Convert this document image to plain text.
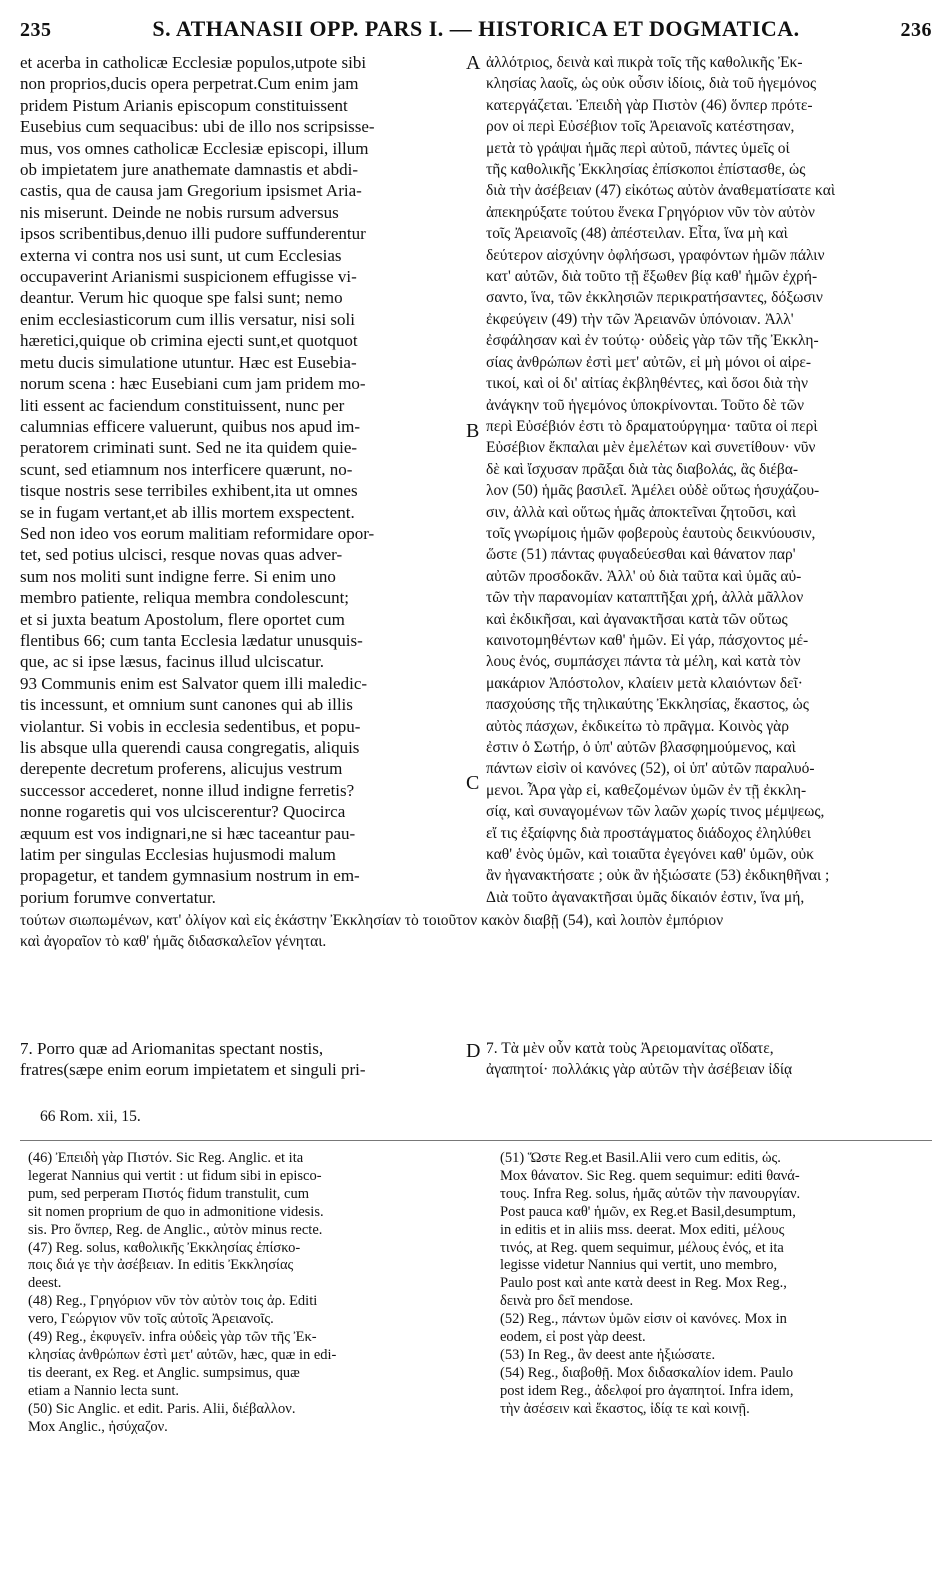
235	S. ATHANASII OPP. PARS I. — HISTORICA ET DOGMATICA.	236
et acerba in catholicæ Ecclesiæ populos,utpote sibi
non proprios,ducis opera perpetrat.Cum enim jam
pridem Pistum Arianis episcopum constituissent
Eusebius cum sequacibus: ubi de illo nos scripsisse-
mus, vos omnes catholicæ Ecclesiæ episcopi, illum
ob impietatem jure anathemate damnastis et abdi-
castis, qua de causa jam Gregorium ipsismet Aria-
nis miserunt. Deinde ne nobis rursum adversus
ipsos scribentibus,denuo illi pudore suffunderentur
externa vi contra nos usi sunt, ut cum Ecclesias
occupaverint Arianismi suspicionem effugisse vi-
deantur. Verum hic quoque spe falsi sunt; nemo
enim ecclesiasticorum cum illis versatur, nisi soli
hæretici,quique ob crimina ejecti sunt,et quotquot
metu ducis simulatione utuntur. Hæc est Eusebia-
norum scena : hæc Eusebiani cum jam pridem mo-
liti essent ac faciendum constituissent, nunc per
calumnias efficere valuerunt, quibus nos apud im-
peratorem criminati sunt. Sed ne ita quidem quie-
scunt, sed etiamnum nos interficere quærunt, no-
tisque nostris sese terribiles exhibent,ita ut omnes
se in fugam vertant,et ab illis mortem exspectent.
Sed non ideo vos eorum malitiam reformidare opor-
tet, sed potius ulcisci, resque novas quas adver-
sum nos moliti sunt indigne ferre. Si enim uno
membro patiente, reliqua membra condolescunt;
et si juxta beatum Apostolum, flere oportet cum
flentibus 66; cum tanta Ecclesia lædatur unusquis-
que, ac si ipse læsus, facinus illud ulciscatur.
93 Communis enim est Salvator quem illi maledic-
tis incessunt, et omnium sunt canones qui ab illis
violantur. Si vobis in ecclesia sedentibus, et popu-
lis absque ulla querendi causa congregatis, aliquis
derepente decretum proferens, alicujus vestrum
successor accederet, nonne illud indigne ferretis?
nonne rogaretis qui vos ulciscerentur? Quocirca
æquum est vos indignari,ne si hæc taceantur pau-
latim per singulas Ecclesias hujusmodi malum
propagetur, et tandem gymnasium nostrum in em-
porium forumve convertatur.
ἀλλότριος, δεινὰ καὶ πικρὰ τοῖς τῆς καθολικῆς Ἐκ-
κλησίας λαοῖς, ὡς οὐκ οὖσιν ἰδίοις, διὰ τοῦ ἡγεμόνος
κατεργάζεται. Ἐπειδὴ γὰρ Πιστὸν (46) ὅνπερ πρότε-
ρον οἱ περὶ Εὐσέβιον τοῖς Ἀρειανοῖς κατέστησαν,
μετὰ τὸ γράψαι ἡμᾶς περὶ αὐτοῦ, πάντες ὑμεῖς οἱ
τῆς καθολικῆς Ἐκκλησίας ἐπίσκοποι ἐπίστασθε, ὡς
διὰ τὴν ἀσέβειαν (47) εἰκότως αὐτὸν ἀναθεματίσατε καὶ
ἀπεκηρύξατε τούτου ἕνεκα Γρηγόριον νῦν τὸν αὐτὸν
τοῖς Ἀρειανοῖς (48) ἀπέστειλαν. Εἶτα, ἵνα μὴ καὶ
δεύτερον αἰσχύνην ὀφλήσωσι, γραφόντων ἡμῶν πάλιν
κατ' αὐτῶν, διὰ τοῦτο τῇ ἔξωθεν βίᾳ καθ' ἡμῶν ἐχρή-
σαντο, ἵνα, τῶν ἐκκλησιῶν περικρατήσαντες, δόξωσιν
ἐκφεύγειν (49) τὴν τῶν Ἀρειανῶν ὑπόνοιαν. Ἀλλ'
ἐσφάλησαν καὶ ἐν τούτῳ· οὐδεὶς γὰρ τῶν τῆς Ἐκκλη-
σίας ἀνθρώπων ἐστὶ μετ' αὐτῶν, εἰ μὴ μόνοι οἱ αἱρε-
τικοί, καὶ οἱ δι' αἰτίας ἐκβληθέντες, καὶ ὅσοι διὰ τὴν
ἀνάγκην τοῦ ἡγεμόνος ὑποκρίνονται. Τοῦτο δὲ τῶν
περὶ Εὐσέβιόν ἐστι τὸ δραματούργημα· ταῦτα οἱ περὶ
Εὐσέβιον ἔκπαλαι μὲν ἐμελέτων καὶ συνετίθουν· νῦν
δὲ καὶ ἴσχυσαν πρᾶξαι διὰ τὰς διαβολάς, ἃς διέβα-
λον (50) ἡμᾶς βασιλεῖ. Ἀμέλει οὐδὲ οὕτως ἡσυχάζου-
σιν, ἀλλὰ καὶ οὕτως ἡμᾶς ἀποκτεῖναι ζητοῦσι, καὶ
τοῖς γνωρίμοις ἡμῶν φοβεροὺς ἑαυτοὺς δεικνύουσιν,
ὥστε (51) πάντας φυγαδεύεσθαι καὶ θάνατον παρ'
αὐτῶν προσδοκᾶν. Ἀλλ' οὐ διὰ ταῦτα καὶ ὑμᾶς αὐ-
τῶν τὴν παρανομίαν καταπτῆξαι χρή, ἀλλὰ μᾶλλον
καὶ ἐκδικῆσαι, καὶ ἀγανακτῆσαι κατὰ τῶν οὕτως
καινοτομηθέντων καθ' ἡμῶν. Εἰ γάρ, πάσχοντος μέ-
λους ἑνός, συμπάσχει πάντα τὰ μέλη, καὶ κατὰ τὸν
μακάριον Ἀπόστολον, κλαίειν μετὰ κλαιόντων δεῖ·
πασχούσης τῆς τηλικαύτης Ἐκκλησίας, ἕκαστος, ὡς
αὐτὸς πάσχων, ἐκδικείτω τὸ πρᾶγμα. Κοινὸς γὰρ
ἐστιν ὁ Σωτήρ, ὁ ὑπ' αὐτῶν βλασφημούμενος, καὶ
πάντων εἰσὶν οἱ κανόνες (52), οἱ ὑπ' αὐτῶν παραλυό-
μενοι. Ἆρα γὰρ εἰ, καθεζομένων ὑμῶν ἐν τῇ ἐκκλη-
σίᾳ, καὶ συναγομένων τῶν λαῶν χωρίς τινος μέμψεως,
εἴ τις ἐξαίφνης διὰ προστάγματος διάδοχος ἐληλύθει
καθ' ἑνὸς ὑμῶν, καὶ τοιαῦτα ἐγεγόνει καθ' ὑμῶν, οὐκ
ἂν ἠγανακτήσατε ; οὐκ ἂν ἠξιώσατε (53) ἐκδικηθῆναι ;
Διὰ τοῦτο ἀγανακτῆσαι ὑμᾶς δίκαιόν ἐστιν, ἵνα μή,
A
B
C
D
τούτων σιωπωμένων, κατ' ὀλίγον καὶ εἰς ἑκάστην Ἐκκλησίαν τὸ τοιοῦτον κακὸν διαβῇ (54), καὶ λοιπὸν ἐμπόριον
καὶ ἀγοραῖον τὸ καθ' ἡμᾶς διδασκαλεῖον γένηται.
7. Porro quæ ad Ariomanitas spectant nostis,
fratres(sæpe enim eorum impietatem et singuli pri-
7. Τὰ μὲν οὖν κατὰ τοὺς Ἀρειομανίτας οἴδατε,
ἀγαπητοί· πολλάκις γὰρ αὐτῶν τὴν ἀσέβειαν ἰδίᾳ
66 Rom. xii, 15.

(46) Ἐπειδὴ γὰρ Πιστόν. Sic Reg. Anglic. et ita

legerat Nannius qui vertit : ut fidum sibi in episco-

pum, sed perperam Πιστός fidum transtulit, cum

sit nomen proprium de quo in admonitione videsis.

sis. Pro ὅνπερ, Reg. de Anglic., αὐτὸν minus recte.

(47) Reg. solus, καθολικῆς Ἐκκλησίας ἐπίσκο-

ποις διά γε τὴν ἀσέβειαν. In editis Ἐκκλησίας

deest.

(48) Reg., Γρηγόριον νῦν τὸν αὐτὸν τοις ἀρ. Editi

vero, Γεώργιον νῦν τοῖς αὐτοῖς Ἀρειανοῖς.

(49) Reg., ἐκφυγεῖν. infra οὐδεὶς γὰρ τῶν τῆς Ἐκ-

κλησίας ἀνθρώπων ἐστὶ μετ' αὐτῶν, hæc, quæ in edi-

tis deerant, ex Reg. et Anglic. sumpsimus, quæ

etiam a Nannio lecta sunt.

(50) Sic Anglic. et edit. Paris. Alii, διέβαλλον.

Mox Anglic., ἡσύχαζον.

(51) Ὥστε Reg.et Basil.Alii vero cum editis, ὡς.

Mox θάνατον. Sic Reg. quem sequimur: editi θανά-

τους. Infra Reg. solus, ἡμᾶς αὐτῶν τὴν πανουργίαν.

Post pauca καθ' ἡμῶν, ex Reg.et Basil,desumptum,

in editis et in aliis mss. deerat. Mox editi, μέλους

τινός, at Reg. quem sequimur, μέλους ἑνός, et ita

legisse videtur Nannius qui vertit, uno membro,

Paulo post καὶ ante κατὰ deest in Reg. Mox Reg.,

δεινὰ pro δεῖ mendose.

(52) Reg., πάντων ὑμῶν εἰσιν οἱ κανόνες. Mox in

eodem, εἰ post γὰρ deest.

(53) In Reg., ἂν deest ante ἠξιώσατε.

(54) Reg., διαβοθῇ. Mox διδασκαλίον idem. Paulo

post idem Reg., ἀδελφοί pro ἀγαπητοί. Infra idem,

τὴν ἀσέσειν καὶ ἕκαστος, ἰδίᾳ τε καὶ κοινῇ.
